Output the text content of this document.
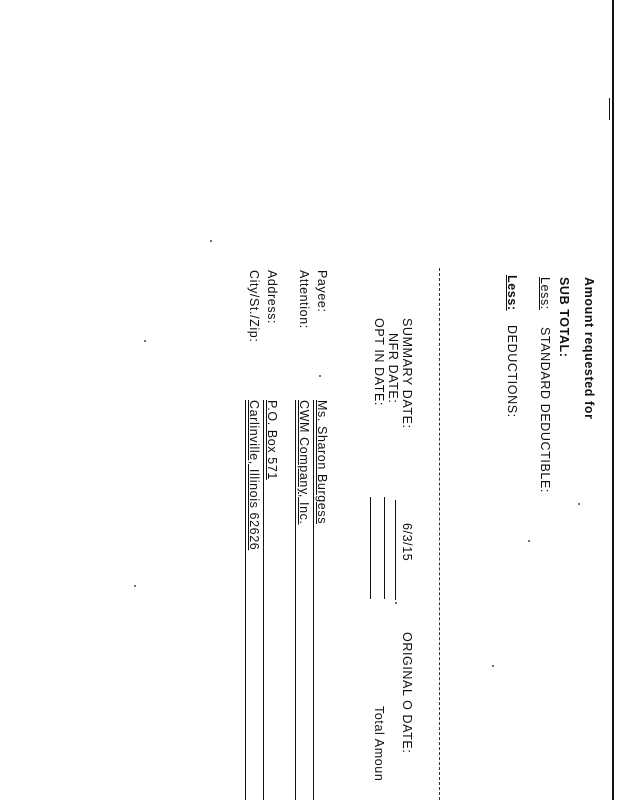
Amount requested for
SUB TOTAL:
Less:
STANDARD DEDUCTIBLE:
Less:
DEDUCTIONS:
SUMMARY DATE:
6/3/15
NFR DATE:
OPT IN DATE:
ORIGINAL O DATE:
Total Amoun
Payee:
Ms. Sharon Burgess
Attention:
CWM Company, Inc.
Address:
P.O. Box 571
City/St./Zip:
Carlinville, Illinois 62626
